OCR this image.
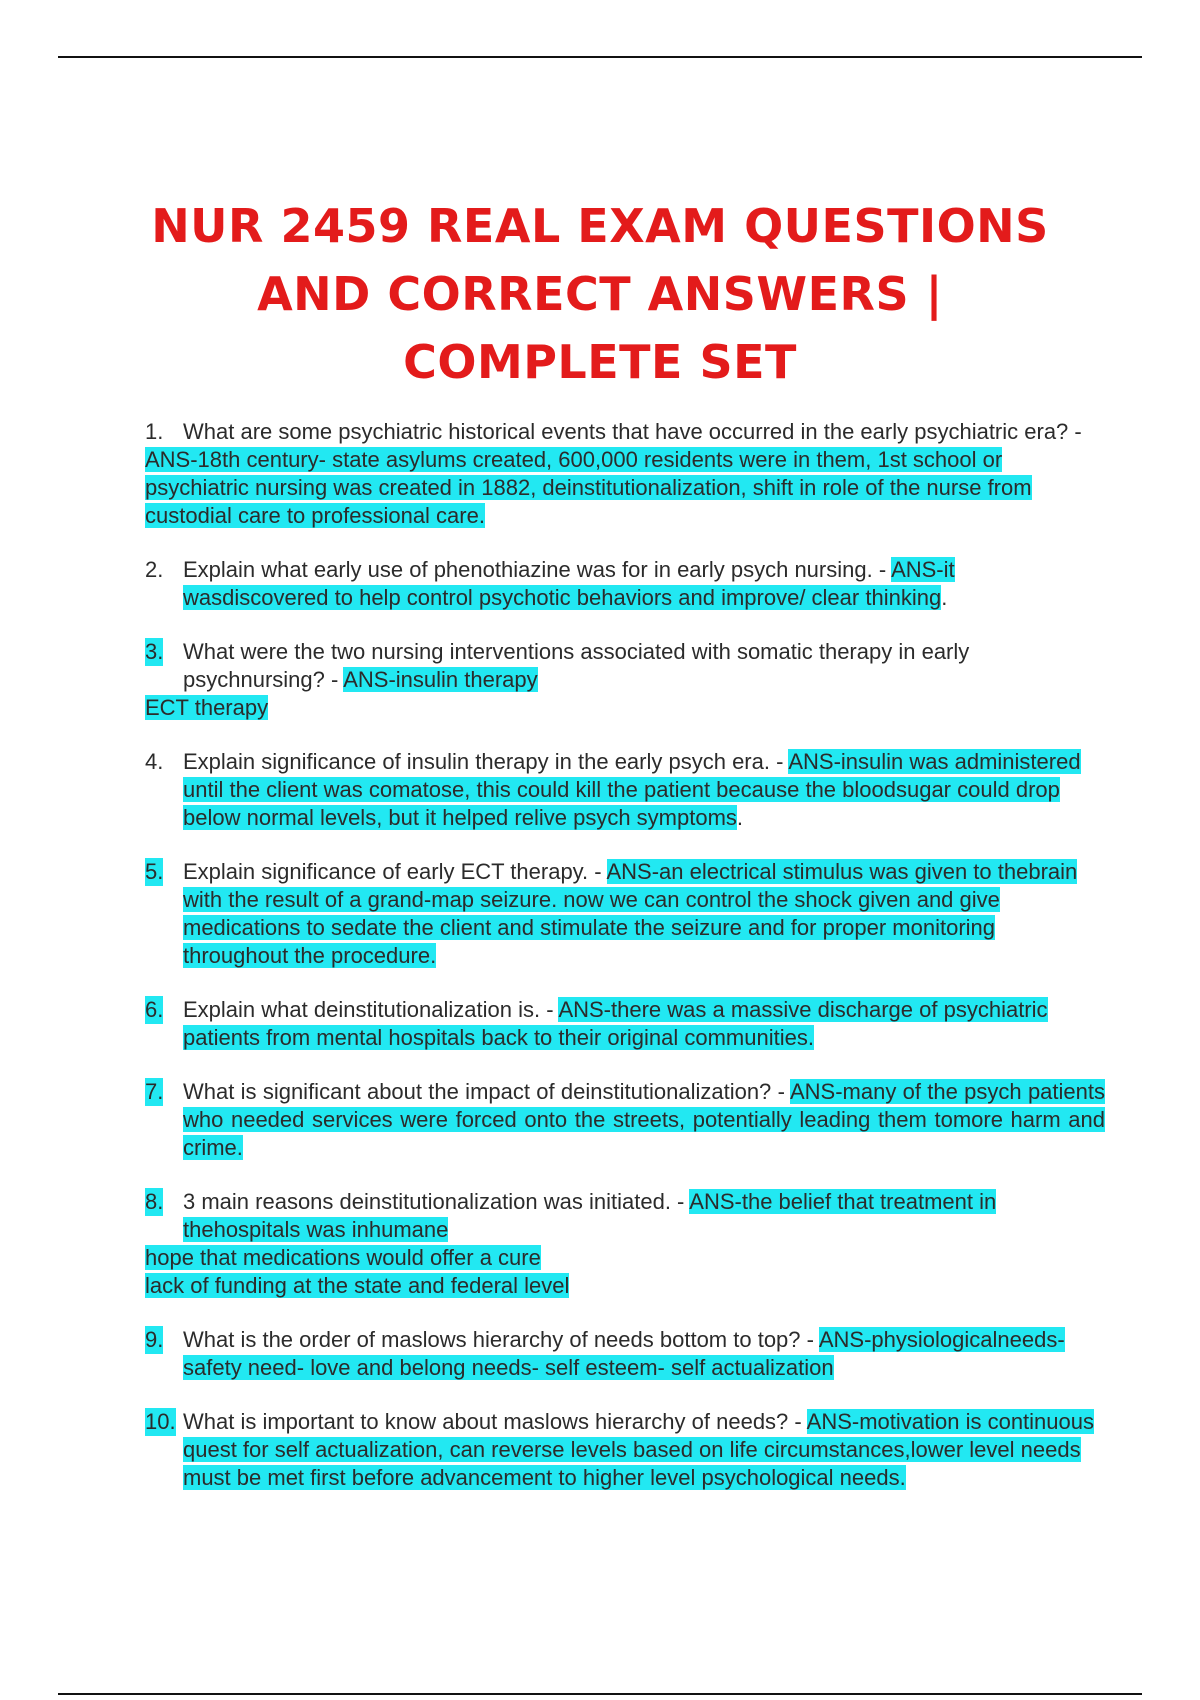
NUR 2459 REAL EXAM QUESTIONS
AND CORRECT ANSWERS |
COMPLETE SET
1. What are some psychiatric historical events that have occurred in the early psychiatric era? - ANS-18th century- state asylums created, 600,000 residents were in them, 1st school or psychiatric nursing was created in 1882, deinstitutionalization, shift in role of the nurse from custodial care to professional care.
2. Explain what early use of phenothiazine was for in early psych nursing. - ANS-it wasdiscovered to help control psychotic behaviors and improve/ clear thinking.
3. What were the two nursing interventions associated with somatic therapy in early psychnursing? - ANS-insulin therapy
ECT therapy
4. Explain significance of insulin therapy in the early psych era. - ANS-insulin was administered until the client was comatose, this could kill the patient because the bloodsugar could drop below normal levels, but it helped relive psych symptoms.
5. Explain significance of early ECT therapy. - ANS-an electrical stimulus was given to thebrain with the result of a grand-map seizure. now we can control the shock given and give medications to sedate the client and stimulate the seizure and for proper monitoring throughout the procedure.
6. Explain what deinstitutionalization is. - ANS-there was a massive discharge of psychiatric patients from mental hospitals back to their original communities.
7. What is significant about the impact of deinstitutionalization? - ANS-many of the psych patients who needed services were forced onto the streets, potentially leading them tomore harm and crime.
8. 3 main reasons deinstitutionalization was initiated. - ANS-the belief that treatment in thehospitals was inhumane
hope that medications would offer a cure
lack of funding at the state and federal level
9. What is the order of maslows hierarchy of needs bottom to top? - ANS-physiologicalneeds-safety need- love and belong needs- self esteem- self actualization
10. What is important to know about maslows hierarchy of needs? - ANS-motivation is continuous quest for self actualization, can reverse levels based on life circumstances,lower level needs must be met first before advancement to higher level psychological needs.
